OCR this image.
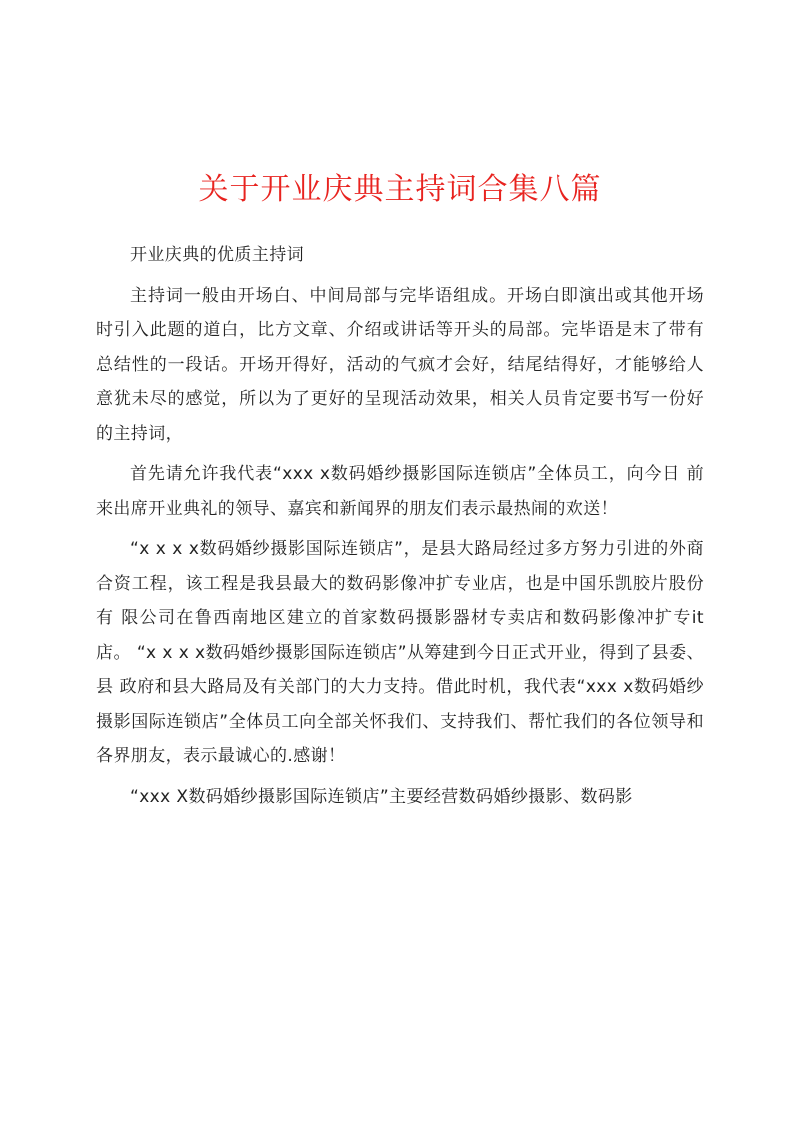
关于开业庆典主持词合集八篇

开业庆典的优质主持词

主持词一般由开场白、中间局部与完毕语组成。开场白即演出或其他开场时引入此题的道白，比方文章、介绍或讲话等开头的局部。完毕语是末了带有总结性的一段话。开场开得好，活动的气疯才会好，结尾结得好，才能够给人意犹未尽的感觉，所以为了更好的呈现活动效果，相关人员肯定要书写一份好的主持词，

首先请允许我代表“xxx x数码婚纱摄影国际连锁店”全体员工，向今日 前来出席开业典礼的领导、嘉宾和新闻界的朋友们表示最热闹的欢送！

“x x x x数码婚纱摄影国际连锁店”，是县大路局经过多方努力引进的外商 合资工程，该工程是我县最大的数码影像冲扩专业店，也是中国乐凯胶片股份有 限公司在鲁西南地区建立的首家数码摄影器材专卖店和数码影像冲扩专it店。 “x x x x数码婚纱摄影国际连锁店”从筹建到今日正式开业，得到了县委、县 政府和县大路局及有关部门的大力支持。借此时机，我代表“xxx x数码婚纱 摄影国际连锁店”全体员工向全部关怀我们、支持我们、帮忙我们的各位领导和 各界朋友，表示最诚心的.感谢！

“xxx X数码婚纱摄影国际连锁店”主要经营数码婚纱摄影、数码影
